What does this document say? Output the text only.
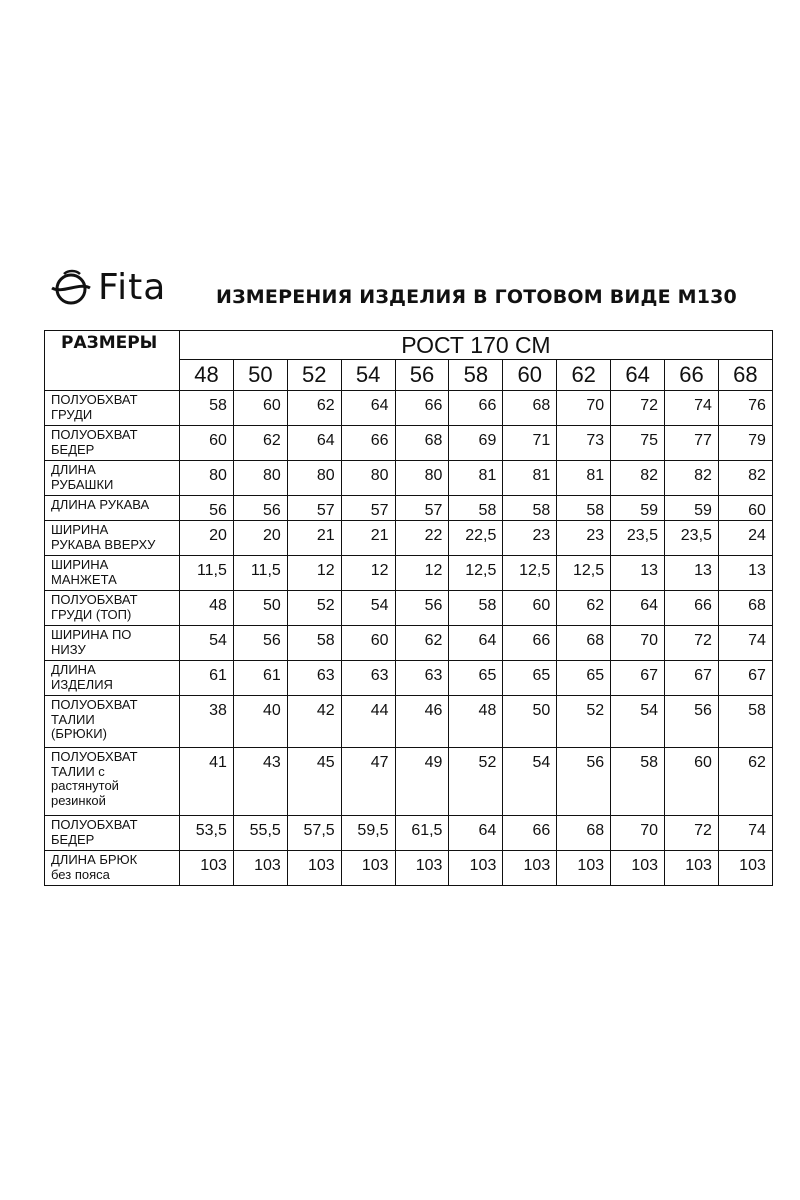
Fita	ИЗМЕРЕНИЯ ИЗДЕЛИЯ В ГОТОВОМ ВИДЕ М130
РАЗМЕРЫ	РОСТ 170 СМ										
	48	50	52	54	56	58	60	62	64	66	68

ПОЛУОБХВАТ
ГРУДИ	58	60	62	64	66	66	68	70	72	74	76

ПОЛУОБХВАТ
БЕДЕР	60	62	64	66	68	69	71	73	75	77	79

ДЛИНА
РУБАШКИ	80	80	80	80	80	81	81	81	82	82	82

ДЛИНА РУКАВА	56	56	57	57	57	58	58	58	59	59	60

ШИРИНА
РУКАВА ВВЕРХУ	20	20	21	21	22	22,5	23	23	23,5	23,5	24

ШИРИНА
МАНЖЕТА	11,5	11,5	12	12	12	12,5	12,5	12,5	13	13	13

ПОЛУОБХВАТ
ГРУДИ (ТОП)	48	50	52	54	56	58	60	62	64	66	68

ШИРИНА ПО
НИЗУ	54	56	58	60	62	64	66	68	70	72	74

ДЛИНА
ИЗДЕЛИЯ	61	61	63	63	63	65	65	65	67	67	67

ПОЛУОБХВАТ
ТАЛИИ
(БРЮКИ)	38	40	42	44	46	48	50	52	54	56	58

ПОЛУОБХВАТ
ТАЛИИ с
растянутой
резинкой	41	43	45	47	49	52	54	56	58	60	62

ПОЛУОБХВАТ
БЕДЕР	53,5	55,5	57,5	59,5	61,5	64	66	68	70	72	74

ДЛИНА БРЮК
без пояса	103	103	103	103	103	103	103	103	103	103	103
